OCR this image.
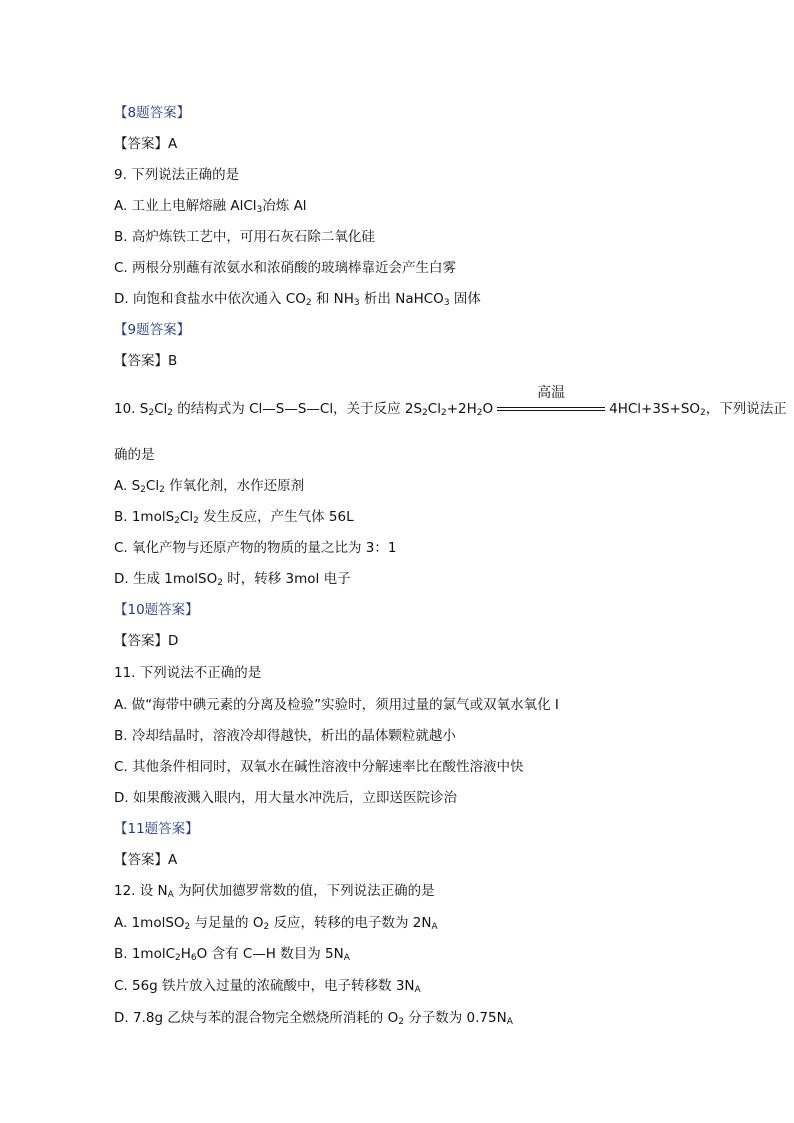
【8题答案】
【答案】A
9. 下列说法正确的是
A. 工业上电解熔融 AlCl$_3$冶炼 Al
B. 高炉炼铁工艺中，可用石灰石除二氧化硅
C. 两根分别蘸有浓氨水和浓硝酸的玻璃棒靠近会产生白雾
D. 向饱和食盐水中依次通入 $CO_2$ 和 $NH_3$ 析出 NaHCO$_3$ 固体
【9题答案】
【答案】B
10. $S_2Cl_2$ 的结构式为 Cl—S—S—Cl，关于反应 $2S_2Cl_2+2H_2O$
高温
$4HCl+3S+SO_2$，下列说法正
确的是
A. $S_2Cl_2$ 作氧化剂，水作还原剂
B. $1molS_2Cl_2$ 发生反应，产生气体 56L
C. 氧化产物与还原产物的物质的量之比为 3：1
D. 生成 1molSO$_2$ 时，转移 3mol 电子
【10题答案】
【答案】D
11. 下列说法不正确的是
A. 做“海带中碘元素的分离及检验”实验时，须用过量的氯气或双氧水氧化 I
B. 冷却结晶时，溶液冷却得越快，析出的晶体颗粒就越小
C. 其他条件相同时，双氧水在碱性溶液中分解速率比在酸性溶液中快
D. 如果酸液溅入眼内，用大量水冲洗后，立即送医院诊治
【11题答案】
【答案】A
12. 设 $N_A$ 为阿伏加德罗常数的值，下列说法正确的是
A. 1molSO$_2$ 与足量的 $O_2$ 反应，转移的电子数为 $2N_A$
B. $1molC_2H_6O$ 含有 C—H 数目为 $5N_A$
C. 56g 铁片放入过量的浓硫酸中，电子转移数 $3N_A$
D. 7.8g 乙炔与苯的混合物完全燃烧所消耗的 $O_2$ 分子数为 $0.75N_A$
